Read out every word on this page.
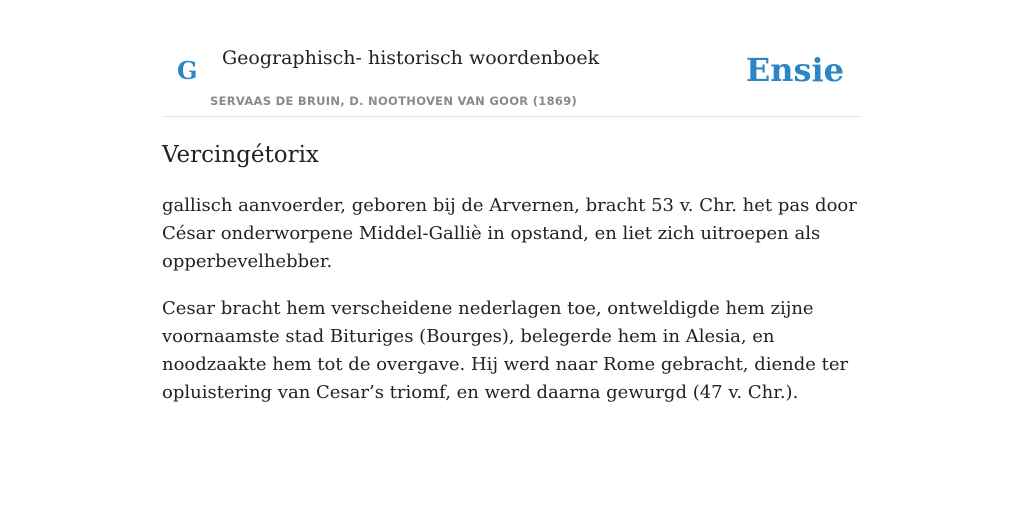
G Geographisch- historisch woordenboek
SERVAAS DE BRUIN, D. NOOTHOVEN VAN GOOR (1869)
Ensie
Vercingétorix

gallisch aanvoerder, geboren bij de Arvernen, bracht 53 v. Chr. het pas door César onderworpene Middel-Galliè in opstand, en liet zich uitroepen als opperbevelhebber.

Cesar bracht hem verscheidene nederlagen toe, ontweldigde hem zijne voornaamste stad Bituriges (Bourges), belegerde hem in Alesia, en noodzaakte hem tot de overgave. Hij werd naar Rome gebracht, diende ter opluistering van Cesar’s triomf, en werd daarna gewurgd (47 v. Chr.).
